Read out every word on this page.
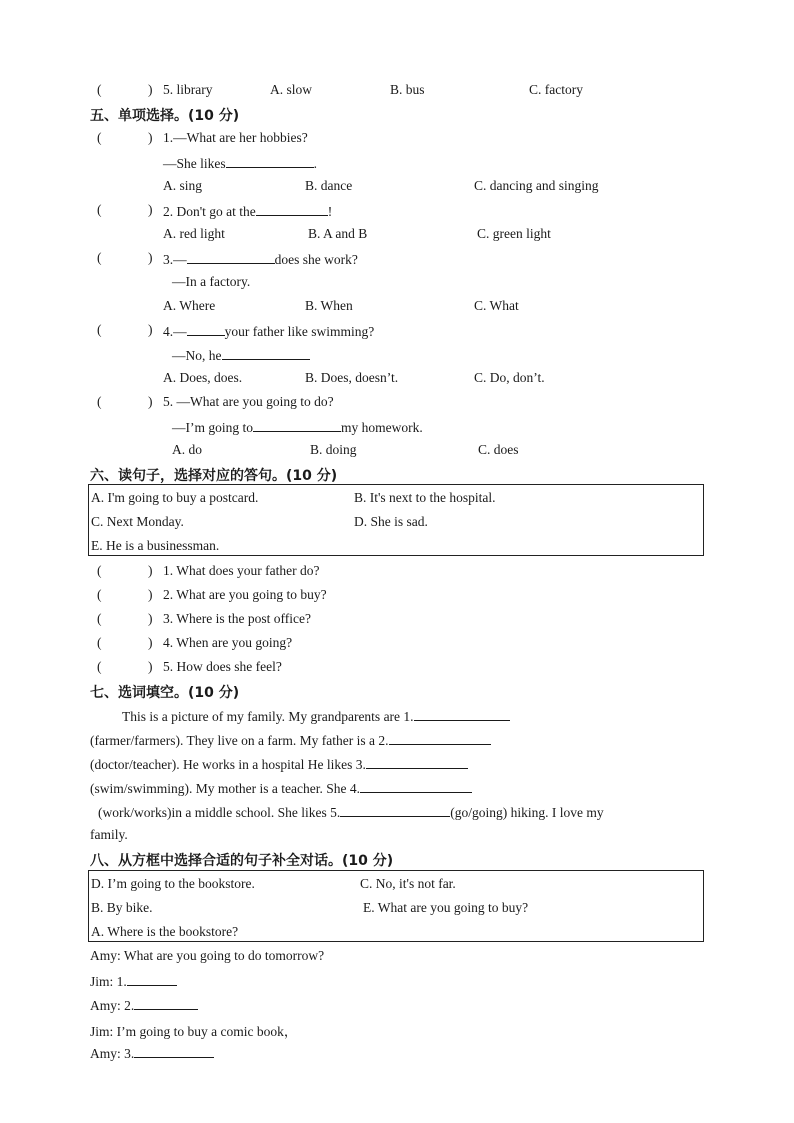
(	) 5. library	A. slow	B. bus	C. factory
五、单项选择。(10 分)
(	) 1.—What are her hobbies?
—She likes	.
A. sing	B. dance	C. dancing and singing
(	) 2. Don't go at the	!
A. red light	B. A and B	C. green light
(	) 3.—	does she work?
—In a factory.
A. Where	B. When	C. What
(	) 4.—	your father like swimming?
—No, he
A. Does, does.	B. Does, doesn’t.	C. Do, don’t.
(	) 5. —What are you going to do?
—I’m going to	my homework.
A. do	B. doing	C. does
六、读句子，选择对应的答句。(10 分)
A. I'm going to buy a postcard.	B. It's next to the hospital.
C. Next Monday.	D. She is sad.
E. He is a businessman.
(	) 1. What does your father do?
(	) 2. What are you going to buy?
(	) 3. Where is the post office?
(	) 4. When are you going?
(	) 5. How does she feel?
七、选词填空。(10 分)
This is a picture of my family. My grandparents are 1.
(farmer/farmers). They live on a farm. My father is a 2.
(doctor/teacher). He works in a hospital He likes 3.
(swim/swimming). My mother is a teacher. She 4.
(work/works)in a middle school. She likes 5.	(go/going) hiking. I love my
family.
八、从方框中选择合适的句子补全对话。(10 分)
D. I’m going to the bookstore.	C. No, it's not far.
B. By bike.	E. What are you going to buy?
A. Where is the bookstore?
Amy: What are you going to do tomorrow?
Jim: 1.
Amy: 2.
Jim: I’m going to buy a comic book，
Amy: 3.
